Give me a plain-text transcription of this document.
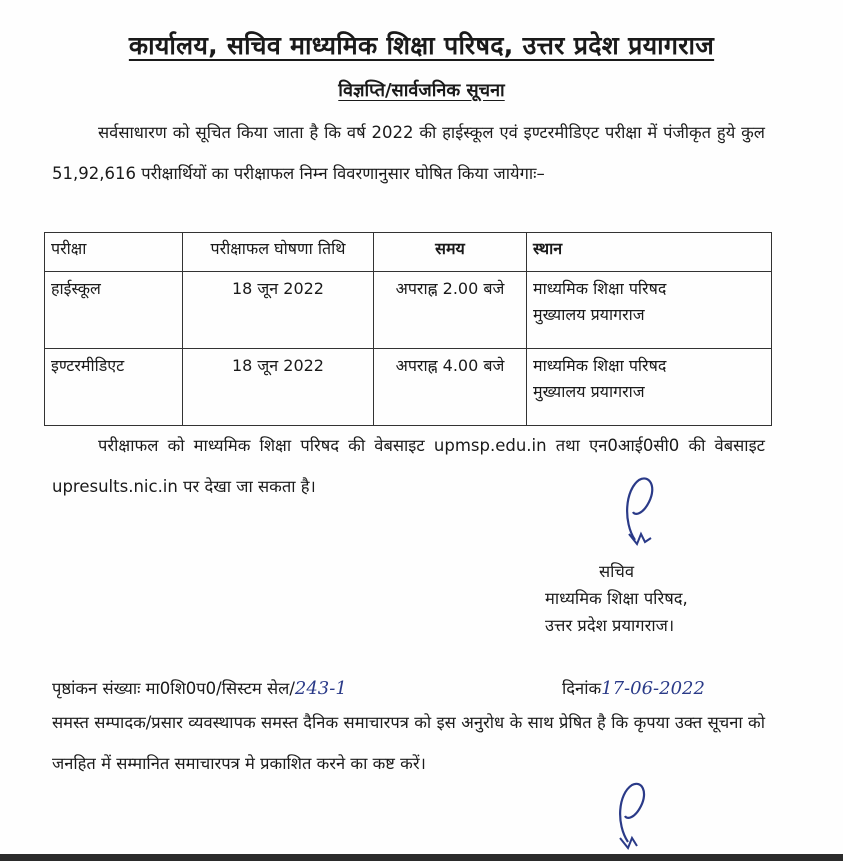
कार्यालय, सचिव माध्यमिक शिक्षा परिषद, उत्तर प्रदेश प्रयागराज
विज्ञप्ति/सार्वजनिक सूचना
सर्वसाधारण को सूचित किया जाता है कि वर्ष 2022 की हाईस्कूल एवं इण्टरमीडिएट परीक्षा में पंजीकृत हुये कुल 51,92,616 परीक्षार्थियों का परीक्षाफल निम्न विवरणानुसार घोषित किया जायेगाः–
परीक्षा	परीक्षाफल घोषणा तिथि	समय	स्थान
हाईस्कूल	18 जून 2022	अपराह्न 2.00 बजे	माध्यमिक शिक्षा परिषद
मुख्यालय प्रयागराज

इण्टरमीडिएट	18 जून 2022	अपराह्न 4.00 बजे	माध्यमिक शिक्षा परिषद
मुख्यालय प्रयागराज
परीक्षाफल को माध्यमिक शिक्षा परिषद की वेबसाइट upmsp.edu.in तथा एन0आई0सी0 की वेबसाइट upresults.nic.in पर देखा जा सकता है।
सचिव
माध्यमिक शिक्षा परिषद,
उत्तर प्रदेश प्रयागराज।
पृष्ठांकन संख्याः मा0शि0प0/सिस्टम सेल/243-1	दिनांक17-06-2022
समस्त सम्पादक/प्रसार व्यवस्थापक समस्त दैनिक समाचारपत्र को इस अनुरोध के साथ प्रेषित है कि कृपया उक्त सूचना को जनहित में सम्मानित समाचारपत्र मे प्रकाशित करने का कष्ट करें।
